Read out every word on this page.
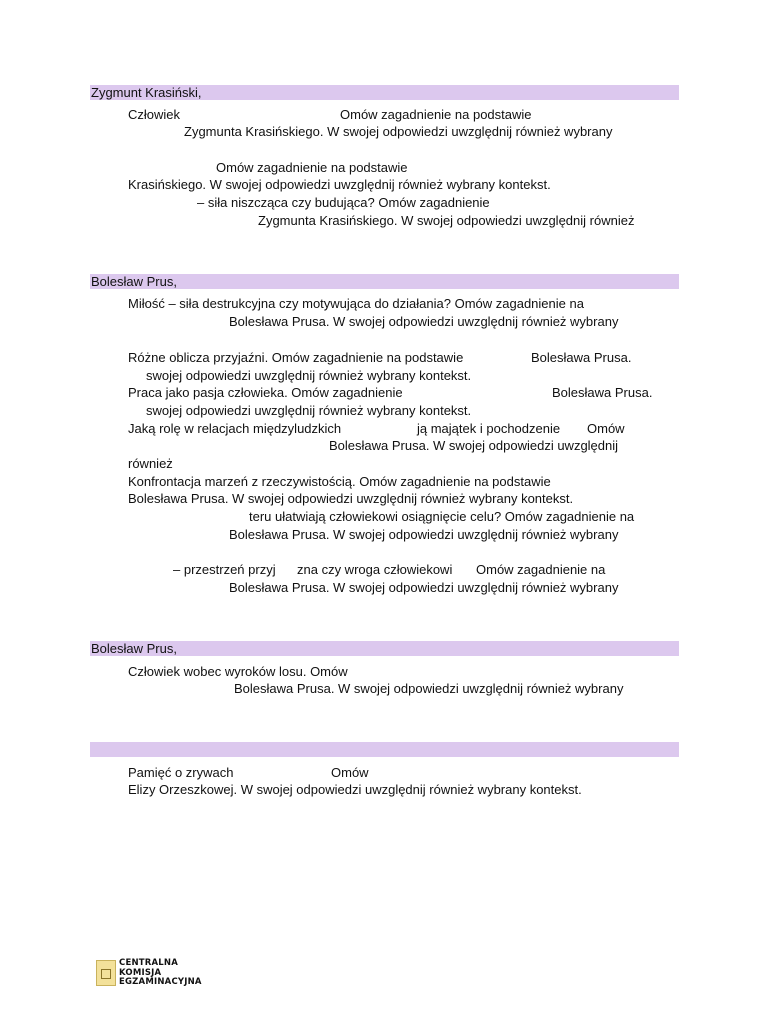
Zygmunt Krasiński,
Człowiek	Omów zagadnienie na podstawie
Zygmunta Krasińskiego. W swojej odpowiedzi uwzględnij również wybrany
Omów zagadnienie na podstawie
Krasińskiego. W swojej odpowiedzi uwzględnij również wybrany kontekst.
– siła niszcząca czy budująca? Omów zagadnienie
Zygmunta Krasińskiego. W swojej odpowiedzi uwzględnij również
Bolesław Prus,
Miłość – siła destrukcyjna czy motywująca do działania? Omów zagadnienie na
Bolesława Prusa. W swojej odpowiedzi uwzględnij również wybrany
Różne oblicza przyjaźni. Omów zagadnienie na podstawie	Bolesława Prusa.
swojej odpowiedzi uwzględnij również wybrany kontekst.
Praca jako pasja człowieka. Omów zagadnienie	Bolesława Prusa.
swojej odpowiedzi uwzględnij również wybrany kontekst.
Jaką rolę w relacjach międzyludzkich	ją majątek i pochodzenie Omów
Bolesława Prusa. W swojej odpowiedzi uwzględnij
również
Konfrontacja marzeń z rzeczywistością. Omów zagadnienie na podstawie
Bolesława Prusa. W swojej odpowiedzi uwzględnij również wybrany kontekst.
teru ułatwiają człowiekowi osiągnięcie celu? Omów zagadnienie na
Bolesława Prusa. W swojej odpowiedzi uwzględnij również wybrany
– przestrzeń przyj zna czy wroga człowiekowi Omów zagadnienie na
Bolesława Prusa. W swojej odpowiedzi uwzględnij również wybrany
Bolesław Prus,
Człowiek wobec wyroków losu. Omów
Bolesława Prusa. W swojej odpowiedzi uwzględnij również wybrany
Pamięć o zrywach	Omów
Elizy Orzeszkowej. W swojej odpowiedzi uwzględnij również wybrany kontekst.
CENTRALNA
KOMISJA
EGZAMINACYJNA
